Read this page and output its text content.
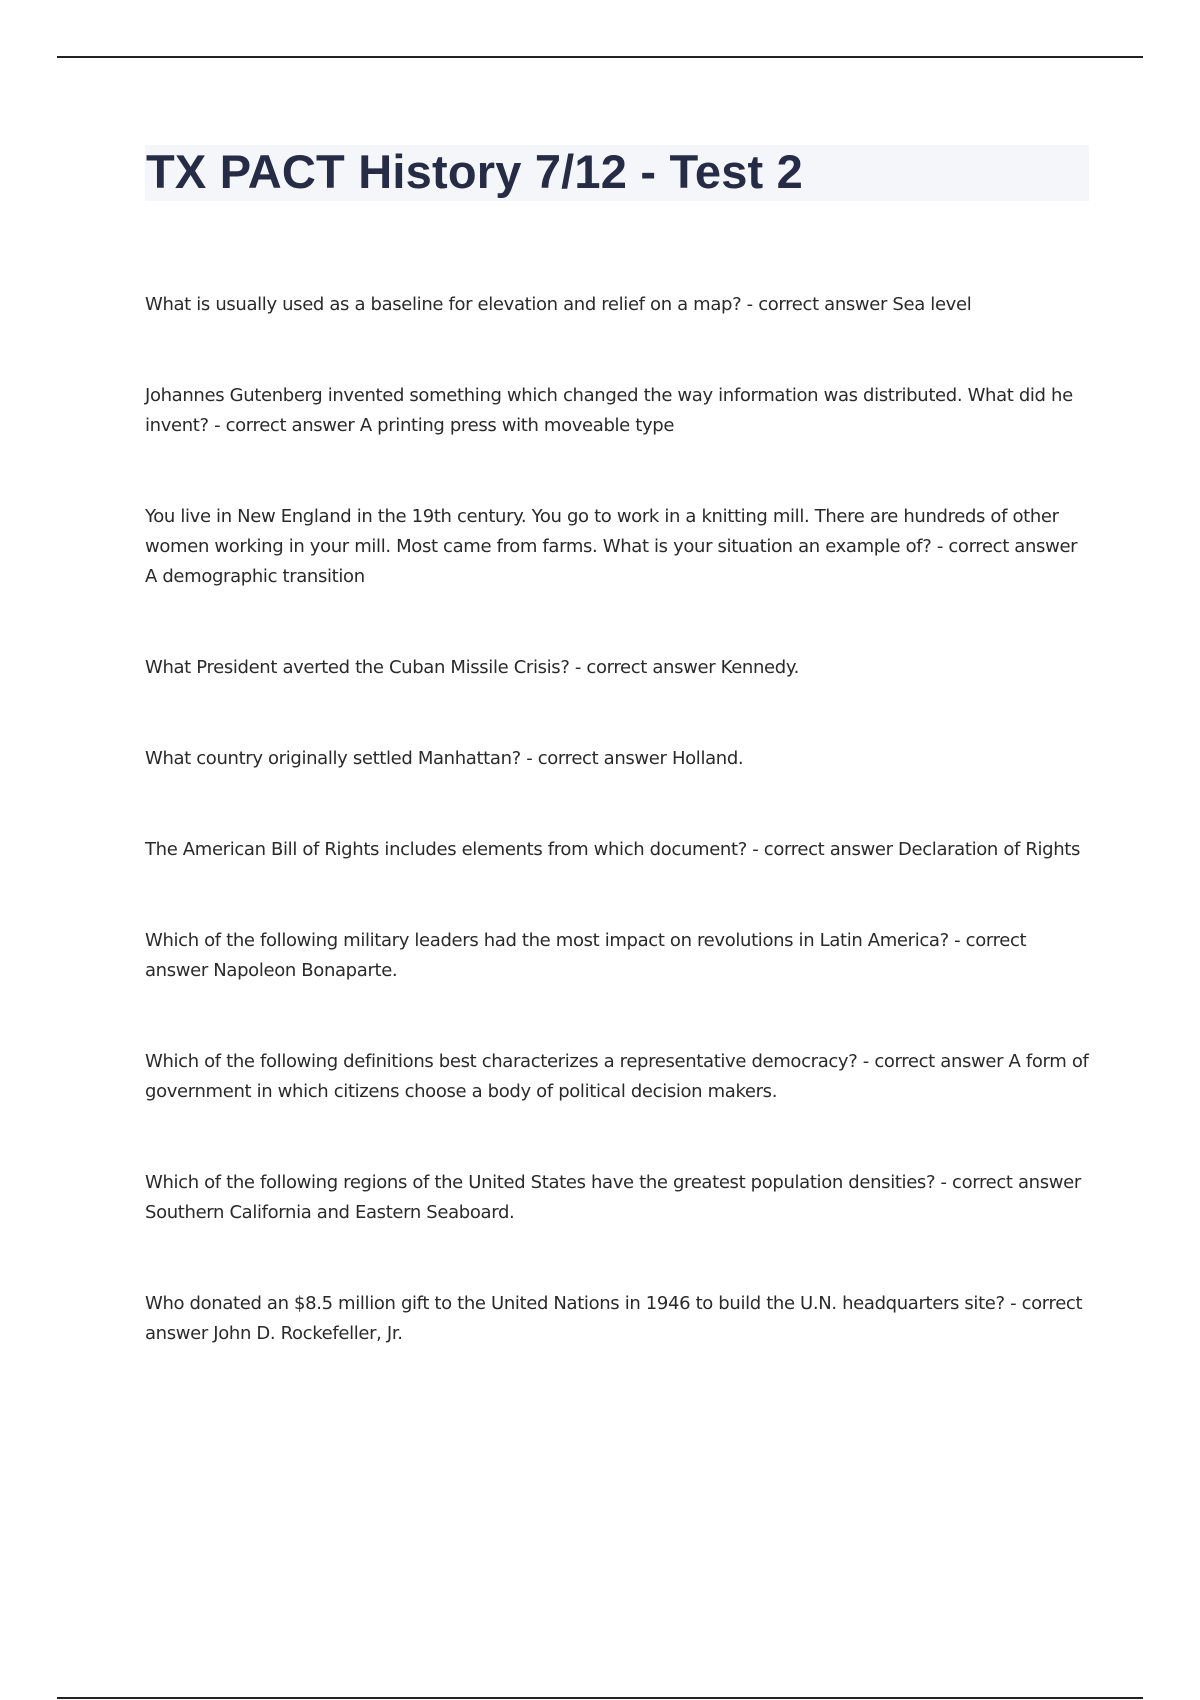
TX PACT History 7/12 - Test 2

What is usually used as a baseline for elevation and relief on a map? - correct answer Sea level

Johannes Gutenberg invented something which changed the way information was distributed. What did he invent? - correct answer A printing press with moveable type

You live in New England in the 19th century. You go to work in a knitting mill. There are hundreds of other women working in your mill. Most came from farms. What is your situation an example of? - correct answer A demographic transition

What President averted the Cuban Missile Crisis? - correct answer Kennedy.

What country originally settled Manhattan? - correct answer Holland.

The American Bill of Rights includes elements from which document? - correct answer Declaration of Rights

Which of the following military leaders had the most impact on revolutions in Latin America? - correct answer Napoleon Bonaparte.

Which of the following definitions best characterizes a representative democracy? - correct answer A form of government in which citizens choose a body of political decision makers.

Which of the following regions of the United States have the greatest population densities? - correct answer Southern California and Eastern Seaboard.

Who donated an $8.5 million gift to the United Nations in 1946 to build the U.N. headquarters site? - correct answer John D. Rockefeller, Jr.
